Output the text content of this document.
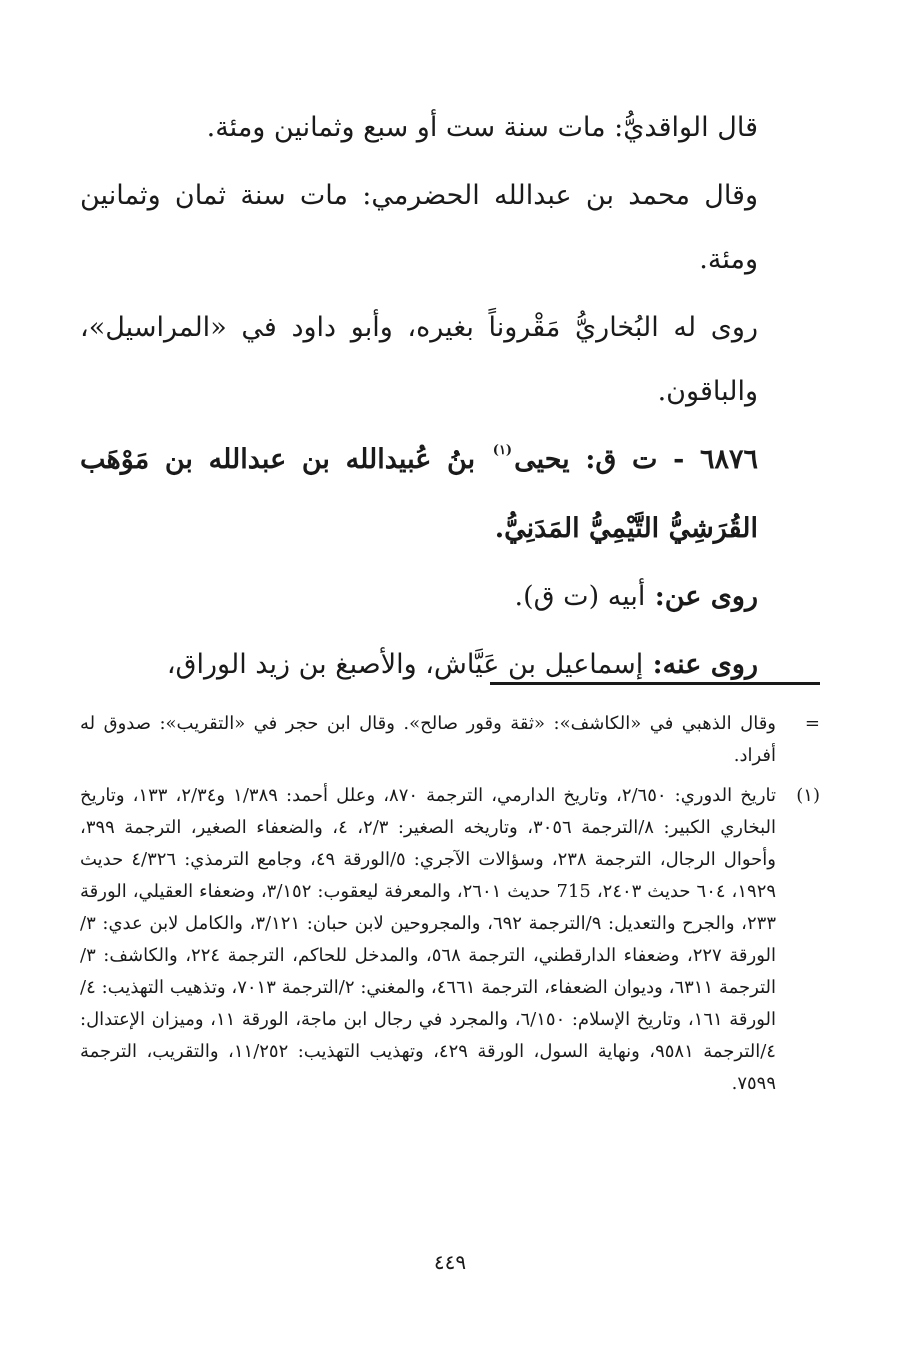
قال الواقديُّ: مات سنة ست أو سبع وثمانين ومئة.

وقال محمد بن عبدالله الحضرمي: مات سنة ثمان وثمانين ومئة.

روى له البُخاريُّ مَقْروناً بغيره، وأبو داود في «المراسيل»، والباقون.

٦٨٧٦ - ت ق: يحيى$^{(١)}$ بنُ عُبيدالله بن عبدالله بن مَوْهَب القُرَشِيُّ التَّيْمِيُّ المَدَنِيُّ.

روى عن: أبيه (ت ق).

روى عنه: إسماعيل بن عَيَّاش، والأصبغ بن زيد الوراق،

=
وقال الذهبي في «الكاشف»: «ثقة وقور صالح». وقال ابن حجر في «التقريب»: صدوق له أفراد.
(١)
تاريخ الدوري: ٢/٦٥٠، وتاريخ الدارمي، الترجمة ٨٧٠، وعلل أحمد: ١/٣٨٩ و٢/٣٤، ١٣٣، وتاريخ البخاري الكبير: ٨/الترجمة ٣٠٥٦، وتاريخه الصغير: ٢/٣، ٤، والضعفاء الصغير، الترجمة ٣٩٩، وأحوال الرجال، الترجمة ٢٣٨، وسؤالات الآجري: ٥/الورقة ٤٩، وجامع الترمذي: ٤/٣٢٦ حديث ١٩٢٩، ٦٠٤ حديث ٢٤٠٣، 715 حديث ٢٦٠١، والمعرفة ليعقوب: ٣/١٥٢، وضعفاء العقيلي، الورقة ٢٣٣، والجرح والتعديل: ٩/الترجمة ٦٩٢، والمجروحين لابن حبان: ٣/١٢١، والكامل لابن عدي: ٣/الورقة ٢٢٧، وضعفاء الدارقطني، الترجمة ٥٦٨، والمدخل للحاكم، الترجمة ٢٢٤، والكاشف: ٣/الترجمة ٦٣١١، وديوان الضعفاء، الترجمة ٤٦٦١، والمغني: ٢/الترجمة ٧٠١٣، وتذهيب التهذيب: ٤/الورقة ١٦١، وتاريخ الإسلام: ٦/١٥٠، والمجرد في رجال ابن ماجة، الورقة ١١، وميزان الإعتدال: ٤/الترجمة ٩٥٨١، ونهاية السول، الورقة ٤٢٩، وتهذيب التهذيب: ١١/٢٥٢، والتقريب، الترجمة ٧٥٩٩.
٤٤٩
